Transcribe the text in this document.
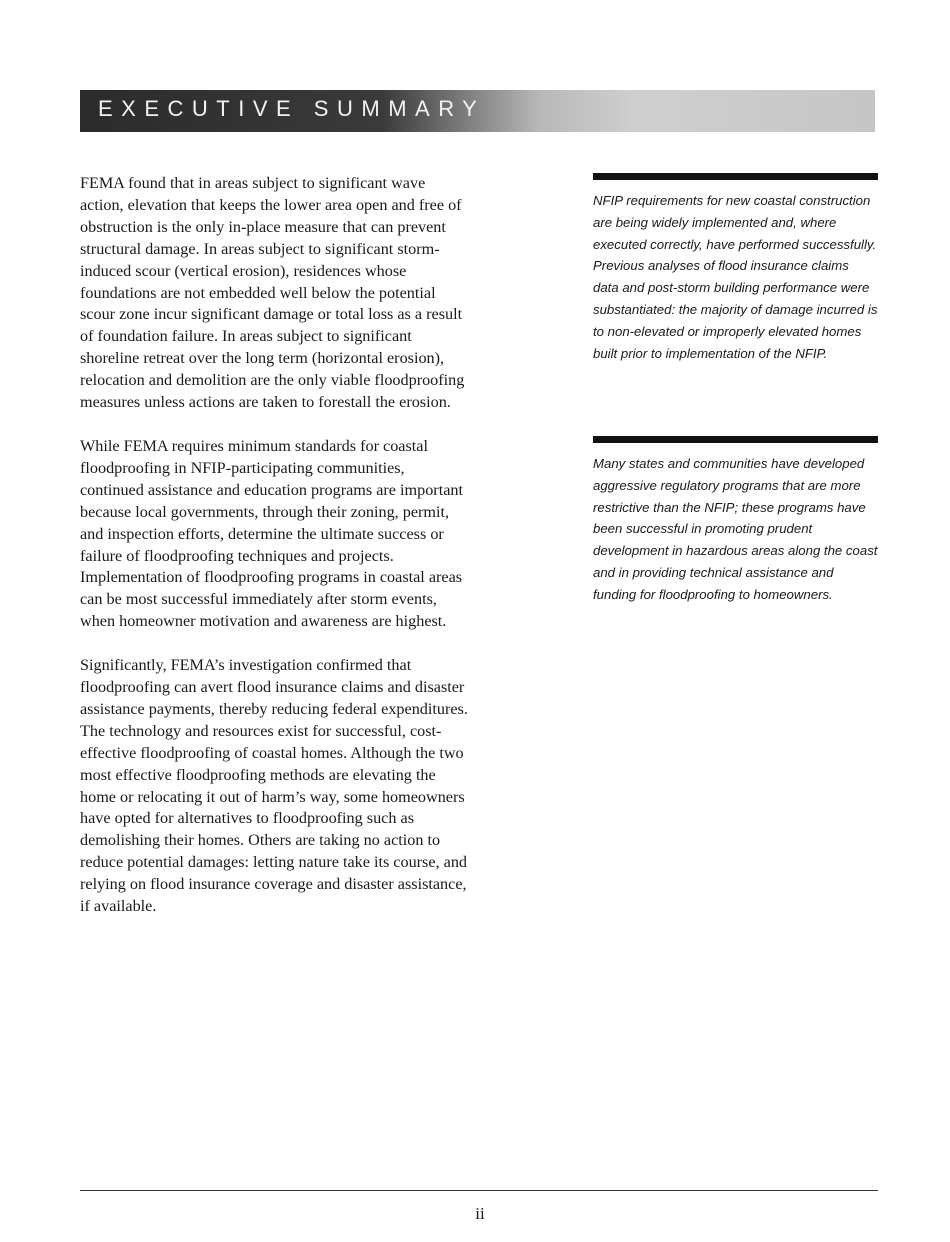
EXECUTIVE SUMMARY

FEMA found that in areas subject to significant wave action, elevation that keeps the lower area open and free of obstruction is the only in-place measure that can prevent structural damage. In areas subject to significant storm-induced scour (vertical erosion), residences whose foundations are not embedded well below the potential scour zone incur significant damage or total loss as a result of foundation failure. In areas subject to significant shoreline retreat over the long term (horizontal erosion), relocation and demolition are the only viable floodproofing measures unless actions are taken to forestall the erosion.

While FEMA requires minimum standards for coastal floodproofing in NFIP-participating communities, continued assistance and education programs are important because local governments, through their zoning, permit, and inspection efforts, determine the ultimate success or failure of floodproofing techniques and projects. Implementation of floodproofing programs in coastal areas can be most successful immediately after storm events, when homeowner motivation and awareness are highest.

Significantly, FEMA’s investigation confirmed that floodproofing can avert flood insurance claims and disaster assistance payments, thereby reducing federal expenditures. The technology and resources exist for successful, cost-effective floodproofing of coastal homes. Although the two most effective floodproofing methods are elevating the home or relocating it out of harm’s way, some homeowners have opted for alternatives to floodproofing such as demolishing their homes. Others are taking no action to reduce potential damages: letting nature take its course, and relying on flood insurance coverage and disaster assistance, if available.

NFIP requirements for new coastal construction are being widely implemented and, where executed correctly, have performed successfully. Previous analyses of flood insurance claims data and post-storm building performance were substantiated: the majority of damage incurred is to non-elevated or improperly elevated homes built prior to implementation of the NFIP.

Many states and communities have developed aggressive regulatory programs that are more restrictive than the NFIP; these programs have been successful in promoting prudent development in hazardous areas along the coast and in providing technical assistance and funding for floodproofing to homeowners.

ii
